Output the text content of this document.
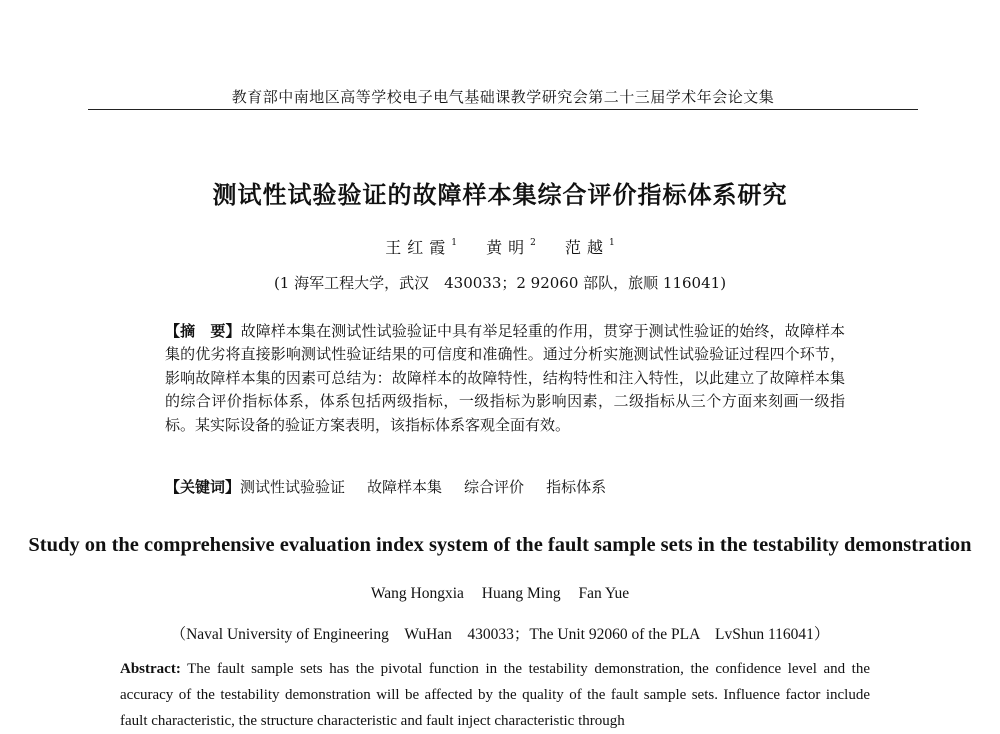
教育部中南地区高等学校电子电气基础课教学研究会第二十三届学术年会论文集
测试性试验验证的故障样本集综合评价指标体系研究
王红霞$^1$ 黄明$^2$ 范越$^1$
(1 海军工程大学，武汉　430033；2 92060 部队，旅顺 116041)
【摘　要】故障样本集在测试性试验验证中具有举足轻重的作用，贯穿于测试性验证的始终，故障样本集的优劣将直接影响测试性验证结果的可信度和准确性。通过分析实施测试性试验验证过程四个环节，影响故障样本集的因素可总结为：故障样本的故障特性，结构特性和注入特性，以此建立了故障样本集的综合评价指标体系，体系包括两级指标，一级指标为影响因素，二级指标从三个方面来刻画一级指标。某实际设备的验证方案表明，该指标体系客观全面有效。
【关键词】测试性试验验证 故障样本集 综合评价 指标体系
Study on the comprehensive evaluation index system of the fault sample sets in the testability demonstration
Wang Hongxia Huang Ming Fan Yue
（Naval University of Engineering　WuHan　430033；The Unit 92060 of the PLA　LvShun 116041）
Abstract: The fault sample sets has the pivotal function in the testability demonstration, the confidence level and the accuracy of the testability demonstration will be affected by the quality of the fault sample sets. Influence factor include fault characteristic, the structure characteristic and fault inject characteristic through
